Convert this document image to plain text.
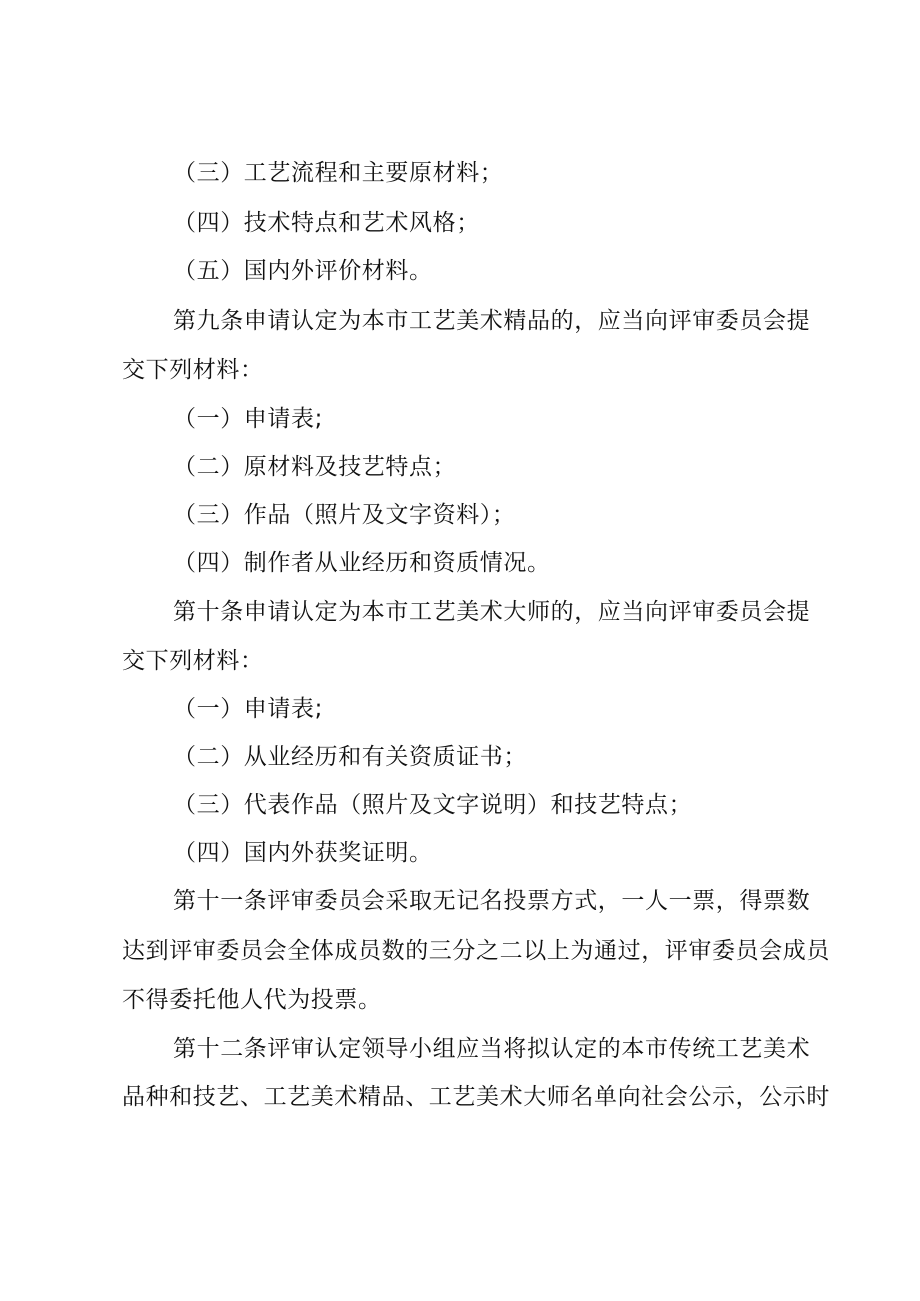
（三）工艺流程和主要原材料；
（四）技术特点和艺术风格；
（五）国内外评价材料。
第九条申请认定为本市工艺美术精品的，应当向评审委员会提
交下列材料：
（一）申请表;
（二）原材料及技艺特点；
（三）作品（照片及文字资料）；
（四）制作者从业经历和资质情况。
第十条申请认定为本市工艺美术大师的，应当向评审委员会提
交下列材料：
（一）申请表;
（二）从业经历和有关资质证书；
（三）代表作品（照片及文字说明）和技艺特点；
（四）国内外获奖证明。
第十一条评审委员会采取无记名投票方式，一人一票，得票数
达到评审委员会全体成员数的三分之二以上为通过，评审委员会成员
不得委托他人代为投票。
第十二条评审认定领导小组应当将拟认定的本市传统工艺美术
品种和技艺、工艺美术精品、工艺美术大师名单向社会公示，公示时
